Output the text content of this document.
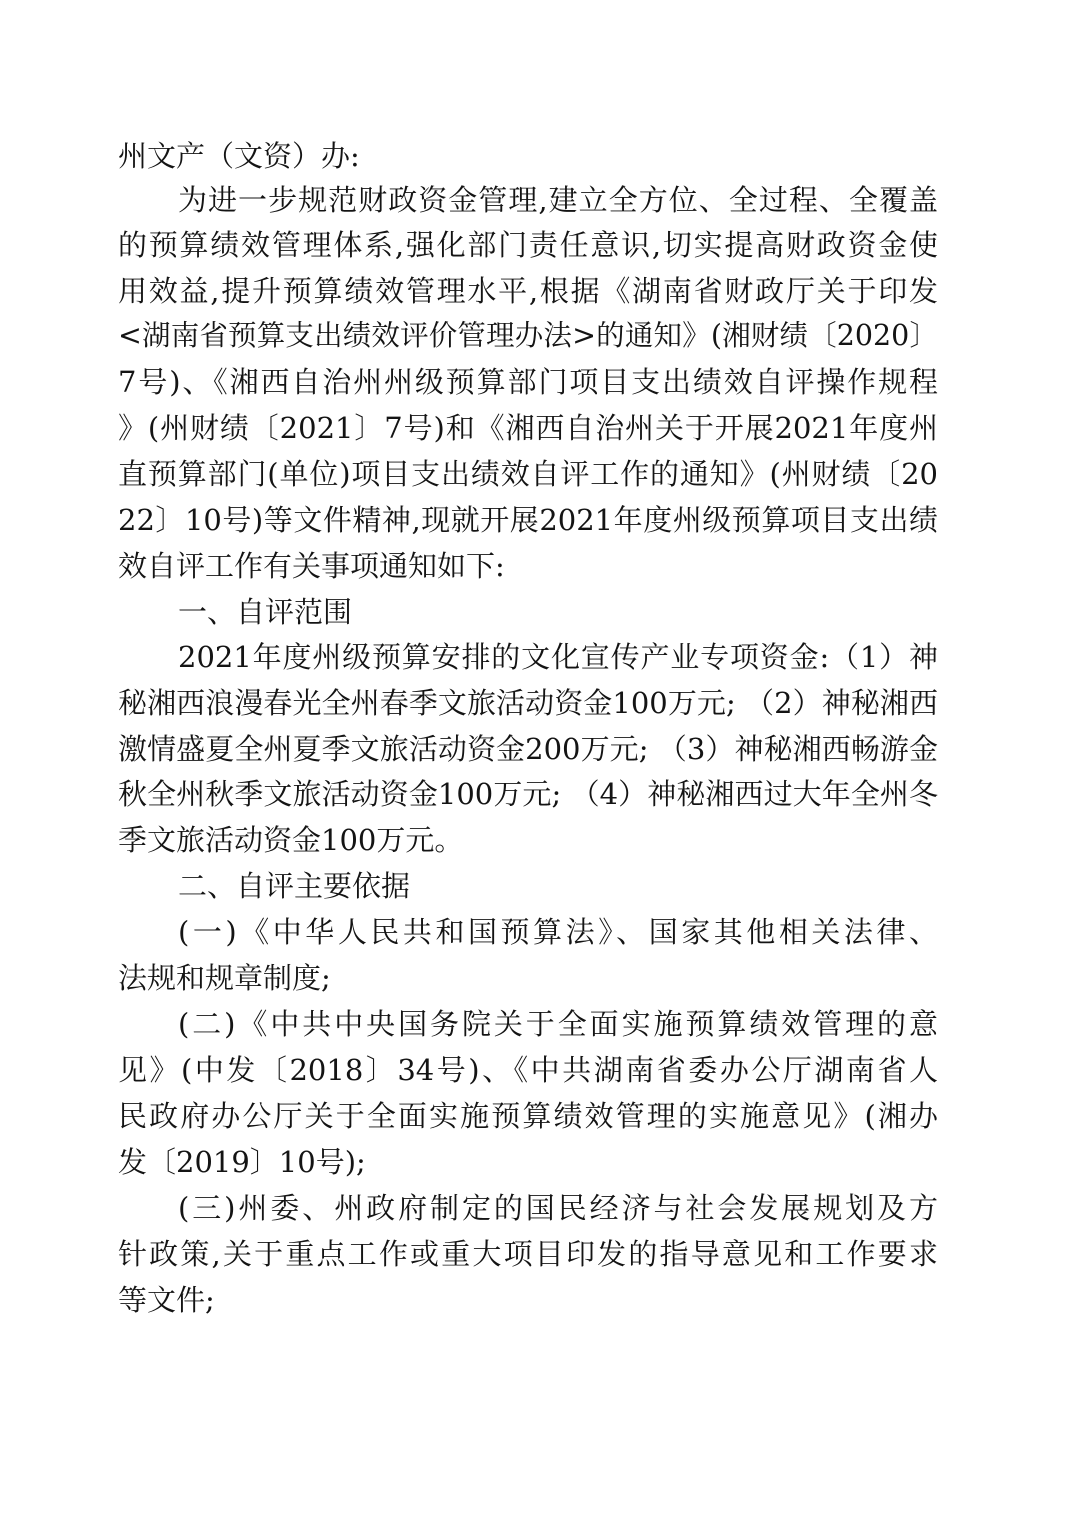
州文产（文资）办:
为进一步规范财政资金管理,建立全方位、全过程、全覆盖
的预算绩效管理体系,强化部门责任意识,切实提高财政资金使
用效益,提升预算绩效管理水平,根据《湖南省财政厅关于印发
<湖南省预算支出绩效评价管理办法>的通知》(湘财绩〔2020〕
7号)、《湘西自治州州级预算部门项目支出绩效自评操作规程
》(州财绩〔2021〕7号)和《湘西自治州关于开展2021年度州
直预算部门(单位)项目支出绩效自评工作的通知》(州财绩〔20
22〕10号)等文件精神,现就开展2021年度州级预算项目支出绩
效自评工作有关事项通知如下:
一、自评范围
2021年度州级预算安排的文化宣传产业专项资金:（1）神
秘湘西浪漫春光全州春季文旅活动资金100万元; （2）神秘湘西
激情盛夏全州夏季文旅活动资金200万元; （3）神秘湘西畅游金
秋全州秋季文旅活动资金100万元; （4）神秘湘西过大年全州冬
季文旅活动资金100万元。
二、自评主要依据
(一)《中华人民共和国预算法》、国家其他相关法律、
法规和规章制度;
(二)《中共中央国务院关于全面实施预算绩效管理的意
见》(中发〔2018〕34号)、《中共湖南省委办公厅湖南省人
民政府办公厅关于全面实施预算绩效管理的实施意见》(湘办
发〔2019〕10号);
(三)州委、州政府制定的国民经济与社会发展规划及方
针政策,关于重点工作或重大项目印发的指导意见和工作要求
等文件;
